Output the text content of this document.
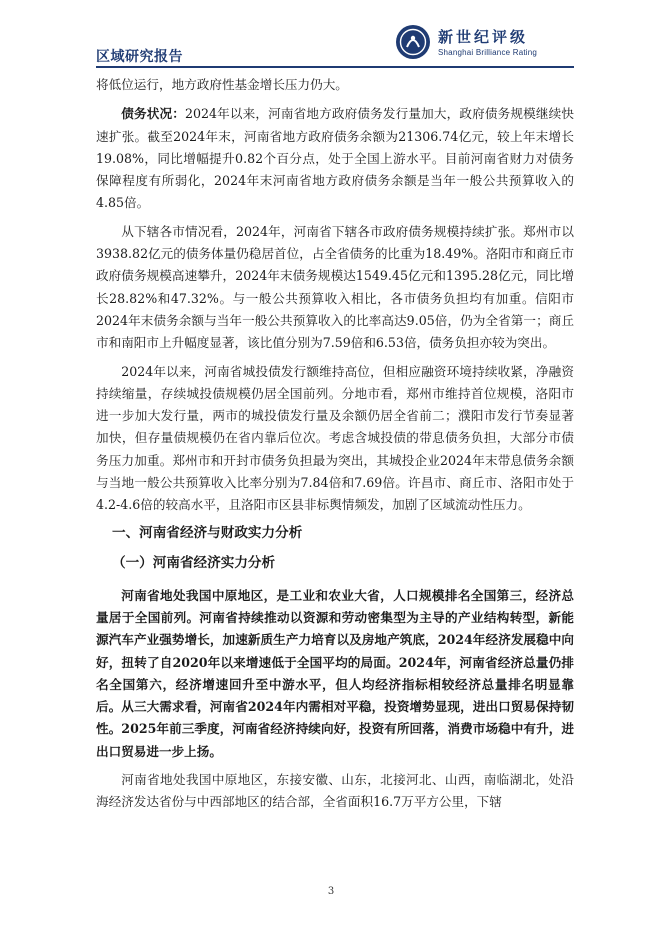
区域研究报告
新世纪评级
Shanghai Brilliance Rating

将低位运行，地方政府性基金增长压力仍大。

债务状况：2024年以来，河南省地方政府债务发行量加大，政府债务规模继续快速扩张。截至2024年末，河南省地方政府债务余额为21306.74亿元，较上年末增长19.08%，同比增幅提升0.82个百分点，处于全国上游水平。目前河南省财力对债务保障程度有所弱化，2024年末河南省地方政府债务余额是当年一般公共预算收入的4.85倍。

从下辖各市情况看，2024年，河南省下辖各市政府债务规模持续扩张。郑州市以3938.82亿元的债务体量仍稳居首位，占全省债务的比重为18.49%。洛阳市和商丘市政府债务规模高速攀升，2024年末债务规模达1549.45亿元和1395.28亿元，同比增长28.82%和47.32%。与一般公共预算收入相比，各市债务负担均有加重。信阳市2024年末债务余额与当年一般公共预算收入的比率高达9.05倍，仍为全省第一；商丘市和南阳市上升幅度显著，该比值分别为7.59倍和6.53倍，债务负担亦较为突出。

2024年以来，河南省城投债发行额维持高位，但相应融资环境持续收紧，净融资持续缩量，存续城投债规模仍居全国前列。分地市看，郑州市维持首位规模，洛阳市进一步加大发行量，两市的城投债发行量及余额仍居全省前二；濮阳市发行节奏显著加快，但存量债规模仍在省内靠后位次。考虑含城投债的带息债务负担，大部分市债务压力加重。郑州市和开封市债务负担最为突出，其城投企业2024年末带息债务余额与当地一般公共预算收入比率分别为7.84倍和7.69倍。许昌市、商丘市、洛阳市处于4.2-4.6倍的较高水平，且洛阳市区县非标舆情频发，加剧了区域流动性压力。

一、河南省经济与财政实力分析
（一）河南省经济实力分析

河南省地处我国中原地区，是工业和农业大省，人口规模排名全国第三，经济总量居于全国前列。河南省持续推动以资源和劳动密集型为主导的产业结构转型，新能源汽车产业强势增长，加速新质生产力培育以及房地产筑底，2024年经济发展稳中向好，扭转了自2020年以来增速低于全国平均的局面。2024年，河南省经济总量仍排名全国第六，经济增速回升至中游水平，但人均经济指标相较经济总量排名明显靠后。从三大需求看，河南省2024年内需相对平稳，投资增势显现，进出口贸易保持韧性。2025年前三季度，河南省经济持续向好，投资有所回落，消费市场稳中有升，进出口贸易进一步上扬。

河南省地处我国中原地区，东接安徽、山东，北接河北、山西，南临湖北，处沿海经济发达省份与中西部地区的结合部，全省面积16.7万平方公里，下辖

3
